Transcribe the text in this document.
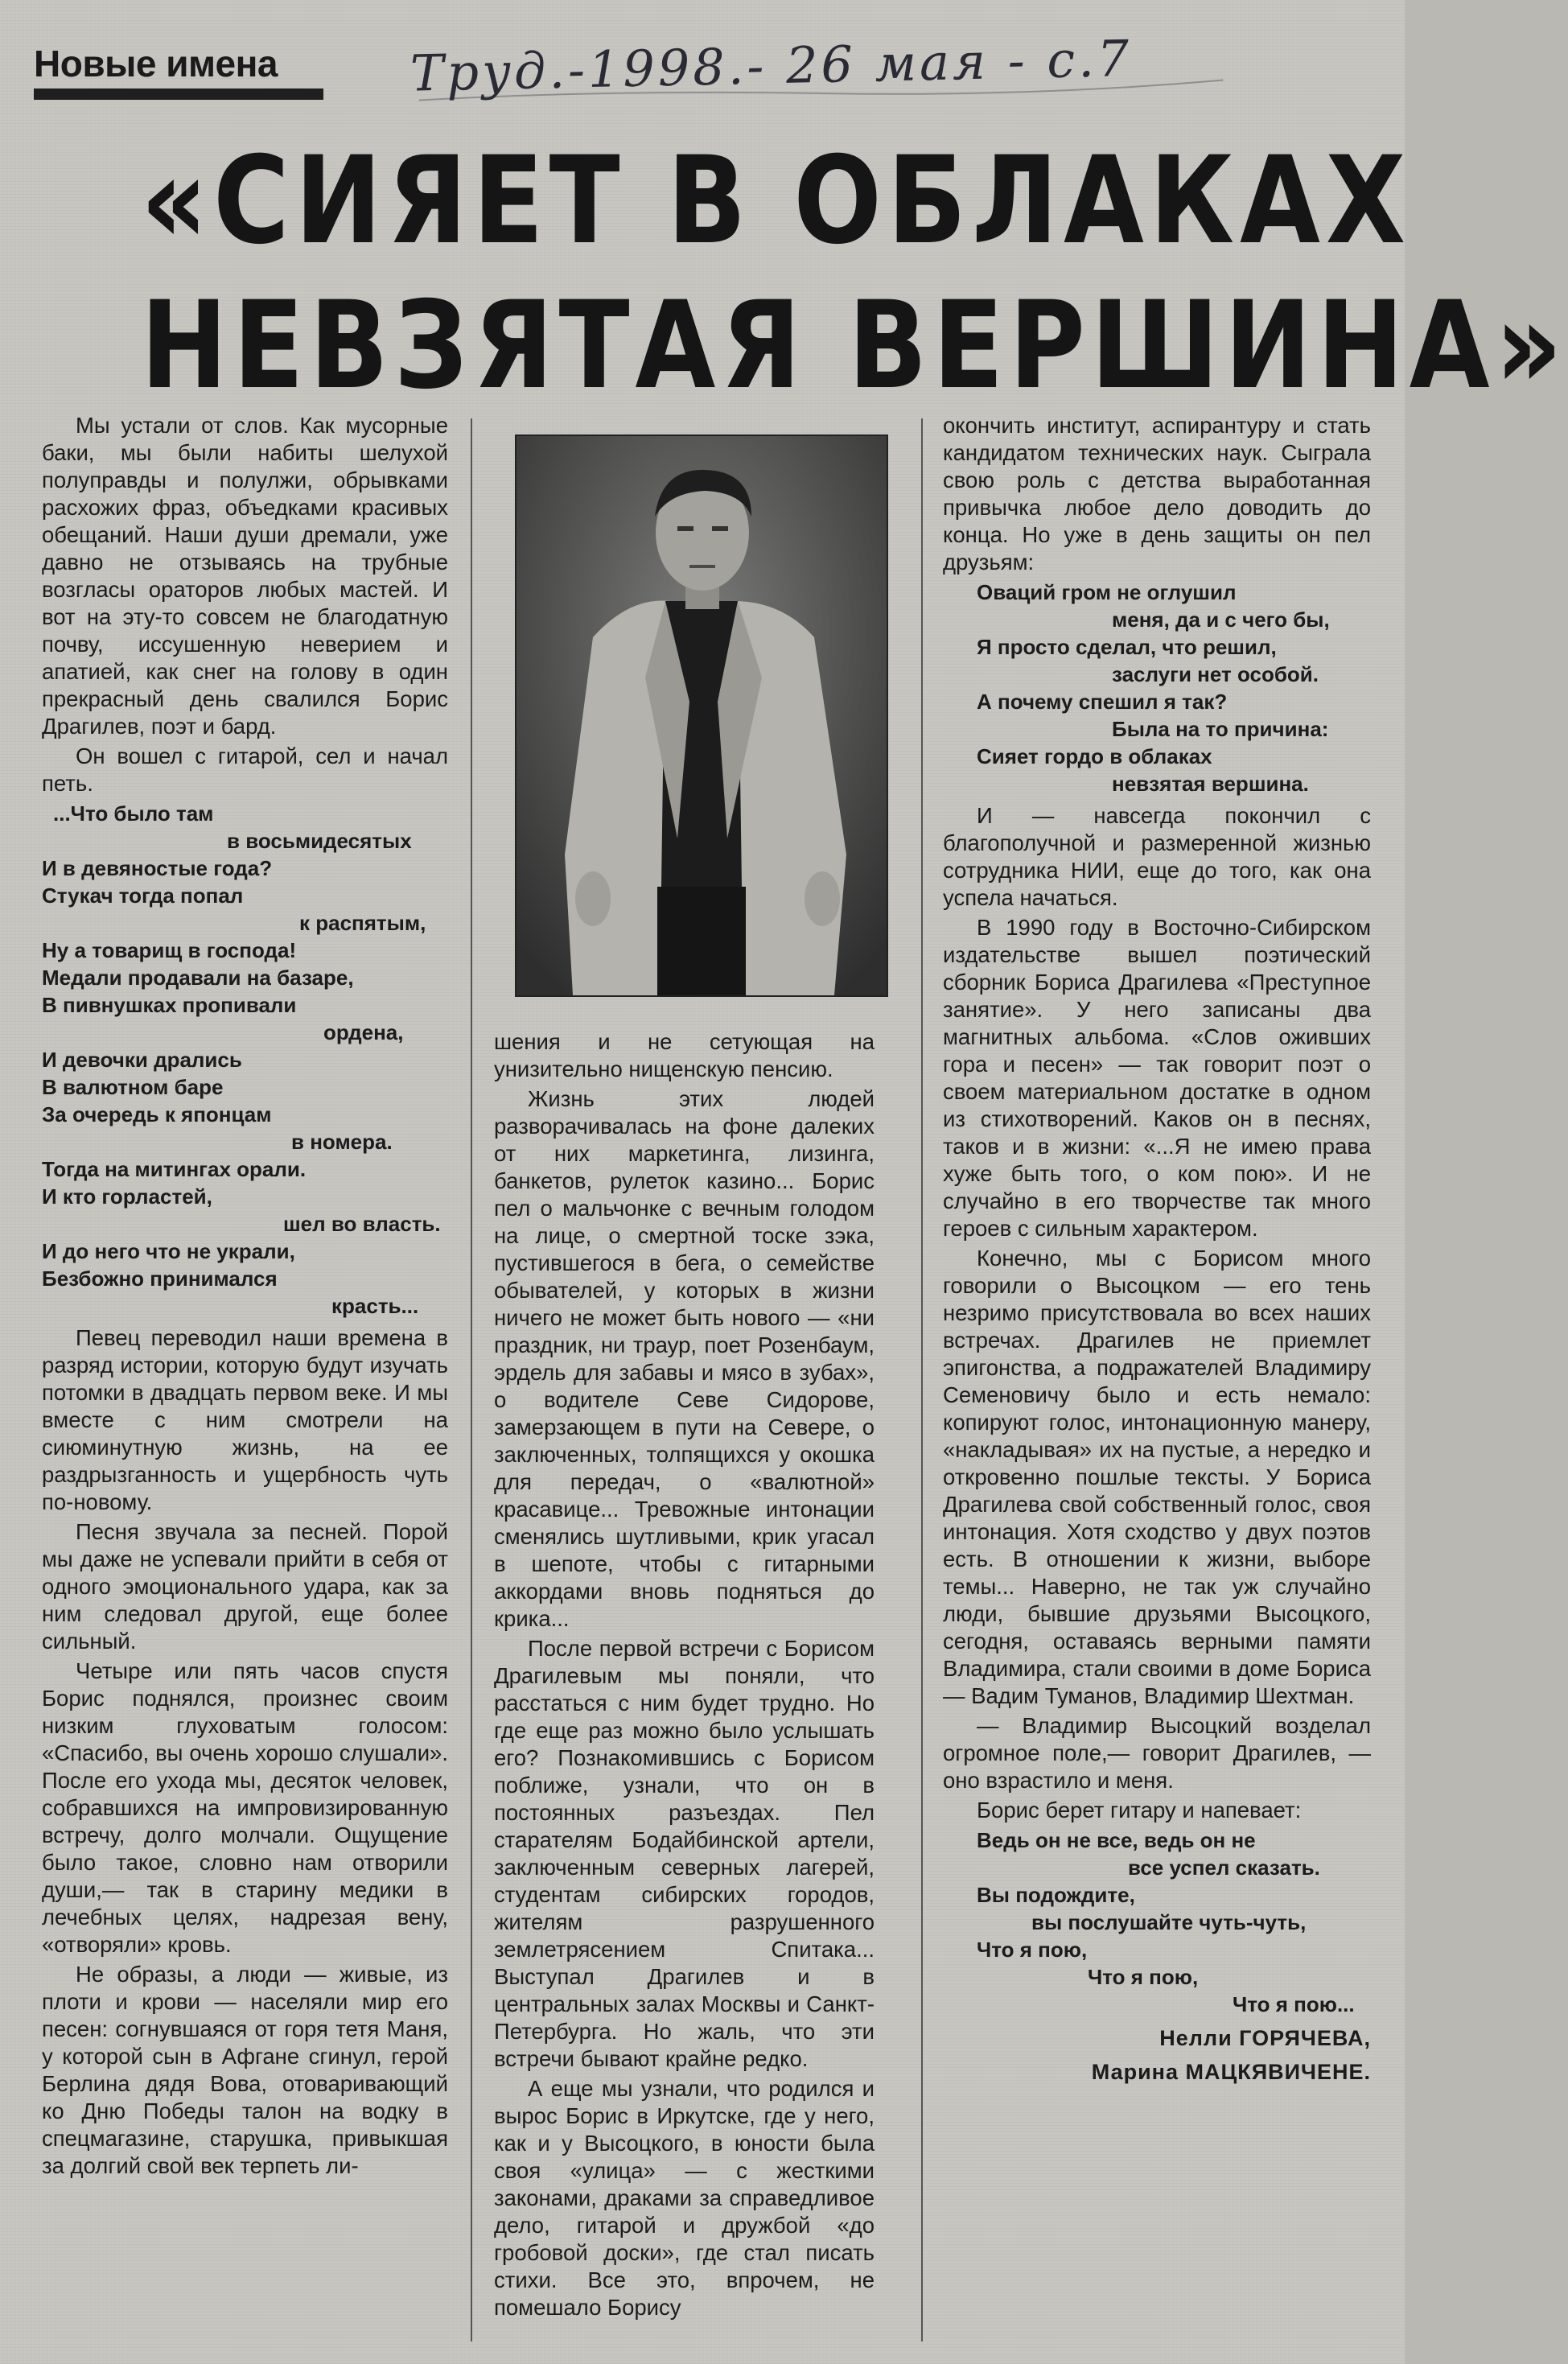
Новые имена	Труд.-1998.- 26 мая - с.7
«СИЯЕТ В ОБЛАКАХ
НЕВЗЯТАЯ ВЕРШИНА»

Мы устали от слов. Как мусорные баки, мы были набиты шелухой полуправды и полулжи, обрывками расхожих фраз, объедками красивых обещаний. Наши души дремали, уже давно не отзываясь на трубные возгласы ораторов любых мастей. И вот на эту-то совсем не благодатную почву, иссушенную неверием и апатией, как снег на голову в один прекрасный день свалился Борис Драгилев, поэт и бард.

Он вошел с гитарой, сел и начал петь.

...Что было там
в восьмидесятых
И в девяностые года?
Стукач тогда попал
к распятым,
Ну а товарищ в господа!
Медали продавали на базаре,
В пивнушках пропивали
ордена,
И девочки дрались
В валютном баре
За очередь к японцам
в номера.
Тогда на митингах орали.
И кто горластей,
шел во власть.
И до него что не украли,
Безбожно принимался
красть...

Певец переводил наши времена в разряд истории, которую будут изучать потомки в двадцать первом веке. И мы вместе с ним смотрели на сиюминутную жизнь, на ее раздрызганность и ущербность чуть по-новому.

Песня звучала за песней. Порой мы даже не успевали прийти в себя от одного эмоционального удара, как за ним следовал другой, еще более сильный.

Четыре или пять часов спустя Борис поднялся, произнес своим низким глуховатым голосом: «Спасибо, вы очень хорошо слушали». После его ухода мы, десяток человек, собравшихся на импровизированную встречу, долго молчали. Ощущение было такое, словно нам отворили души,— так в старину медики в лечебных целях, надрезая вену, «отворяли» кровь.

Не образы, а люди — живые, из плоти и крови — населяли мир его песен: согнувшаяся от горя тетя Маня, у которой сын в Афгане сгинул, герой Берлина дядя Вова, отоваривающий ко Дню Победы талон на водку в спецмагазине, старушка, привыкшая за долгий свой век терпеть ли-

шения и не сетующая на унизительно нищенскую пенсию.

Жизнь этих людей разворачивалась на фоне далеких от них маркетинга, лизинга, банкетов, рулеток казино... Борис пел о мальчонке с вечным голодом на лице, о смертной тоске зэка, пустившегося в бега, о семействе обывателей, у которых в жизни ничего не может быть нового — «ни праздник, ни траур, поет Розенбаум, эрдель для забавы и мясо в зубах», о водителе Севе Сидорове, замерзающем в пути на Севере, о заключенных, толпящихся у окошка для передач, о «валютной» красавице... Тревожные интонации сменялись шутливыми, крик угасал в шепоте, чтобы с гитарными аккордами вновь подняться до крика...

После первой встречи с Борисом Драгилевым мы поняли, что расстаться с ним будет трудно. Но где еще раз можно было услышать его? Познакомившись с Борисом поближе, узнали, что он в постоянных разъездах. Пел старателям Бодайбинской артели, заключенным северных лагерей, студентам сибирских городов, жителям разрушенного землетрясением Спитака... Выступал Драгилев и в центральных залах Москвы и Санкт-Петербурга. Но жаль, что эти встречи бывают крайне редко.

А еще мы узнали, что родился и вырос Борис в Иркутске, где у него, как и у Высоцкого, в юности была своя «улица» — с жесткими законами, драками за справедливое дело, гитарой и дружбой «до гробовой доски», где стал писать стихи. Все это, впрочем, не помешало Борису

окончить институт, аспирантуру и стать кандидатом технических наук. Сыграла свою роль с детства выработанная привычка любое дело доводить до конца. Но уже в день защиты он пел друзьям:

Оваций гром не оглушил
меня, да и с чего бы,
Я просто сделал, что решил,
заслуги нет особой.
А почему спешил я так?
Была на то причина:
Сияет гордо в облаках
невзятая вершина.

И — навсегда покончил с благополучной и размеренной жизнью сотрудника НИИ, еще до того, как она успела начаться.

В 1990 году в Восточно-Сибирском издательстве вышел поэтический сборник Бориса Драгилева «Преступное занятие». У него записаны два магнитных альбома. «Слов оживших гора и песен» — так говорит поэт о своем материальном достатке в одном из стихотворений. Каков он в песнях, таков и в жизни: «...Я не имею права хуже быть того, о ком пою». И не случайно в его творчестве так много героев с сильным характером.

Конечно, мы с Борисом много говорили о Высоцком — его тень незримо присутствовала во всех наших встречах. Драгилев не приемлет эпигонства, а подражателей Владимиру Семеновичу было и есть немало: копируют голос, интонационную манеру, «накладывая» их на пустые, а нередко и откровенно пошлые тексты. У Бориса Драгилева свой собственный голос, своя интонация. Хотя сходство у двух поэтов есть. В отношении к жизни, выборе темы... Наверно, не так уж случайно люди, бывшие друзьями Высоцкого, сегодня, оставаясь верными памяти Владимира, стали своими в доме Бориса — Вадим Туманов, Владимир Шехтман.

— Владимир Высоцкий возделал огромное поле,— говорит Драгилев, — оно взрастило и меня.

Борис берет гитару и напевает:

Ведь он не все, ведь он не
все успел сказать.
Вы подождите,
вы послушайте чуть-чуть,
Что я пою,
Что я пою,
Что я пою...
Нелли ГОРЯЧЕВА,
Марина МАЦКЯВИЧЕНЕ.
